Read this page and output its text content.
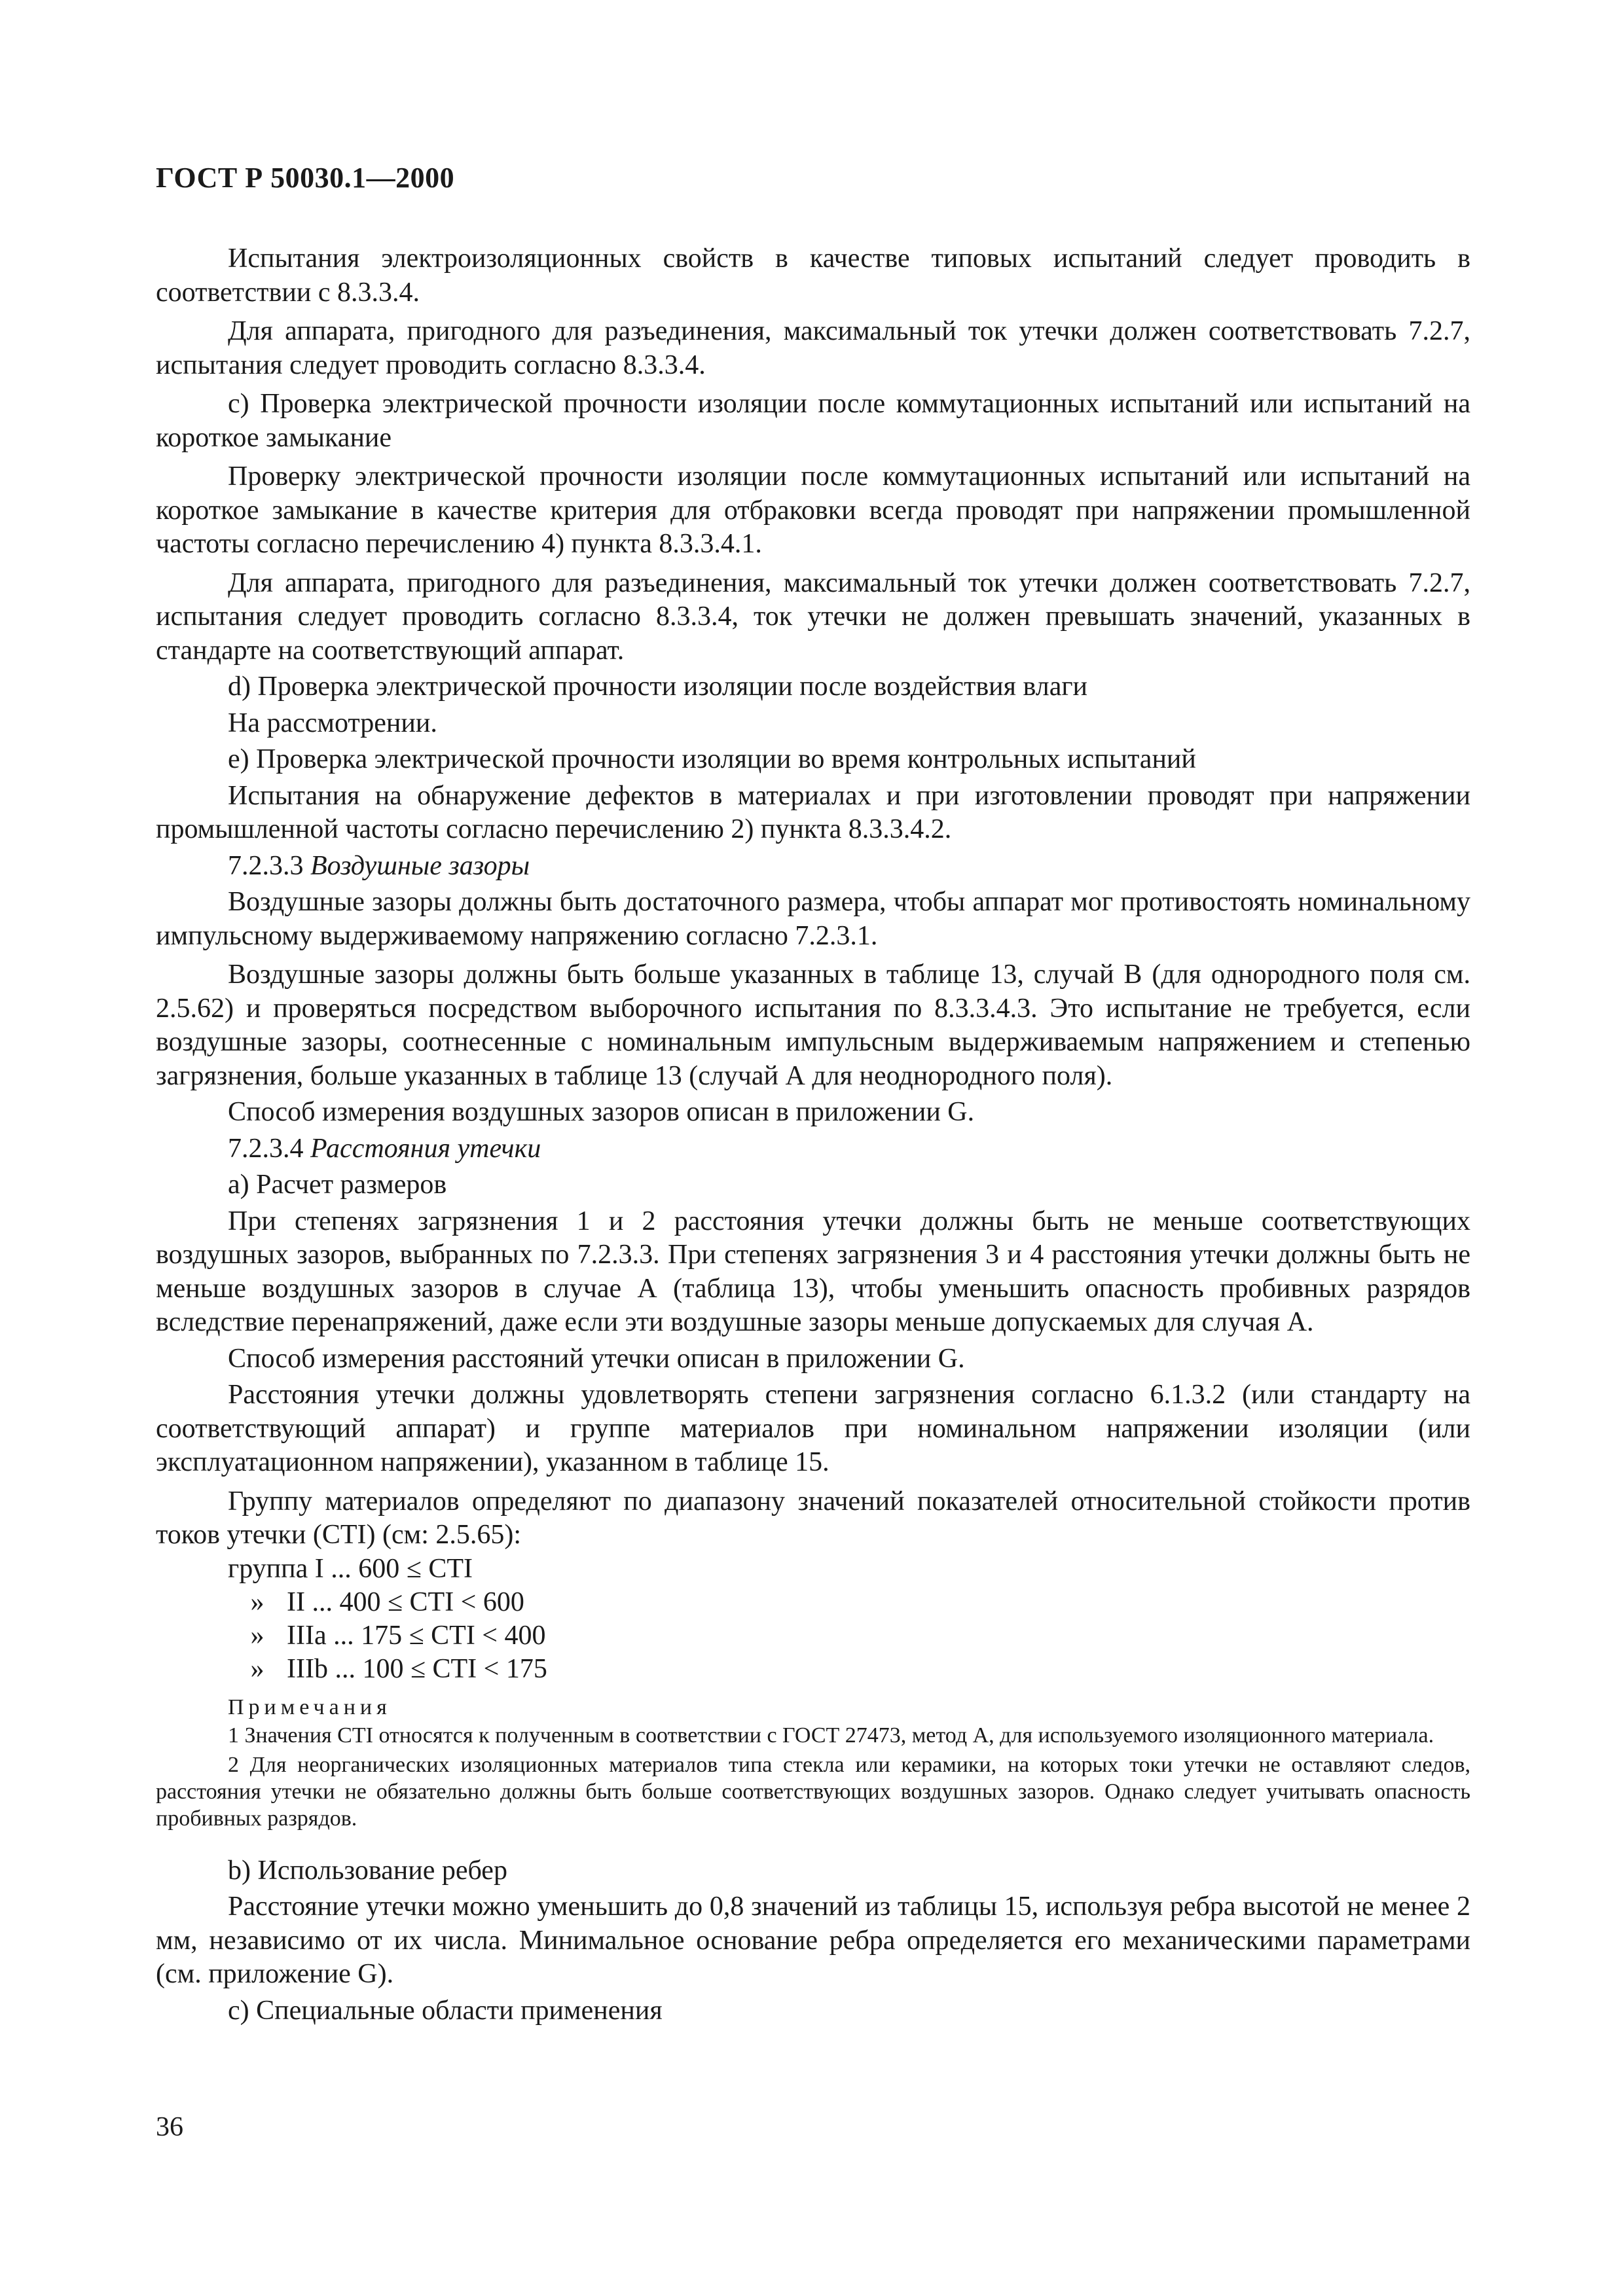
ГОСТ Р 50030.1—2000

Испытания электроизоляционных свойств в качестве типовых испытаний следует проводить в соответствии с 8.3.3.4.

Для аппарата, пригодного для разъединения, максимальный ток утечки должен соответствовать 7.2.7, испытания следует проводить согласно 8.3.3.4.

с) Проверка электрической прочности изоляции после коммутационных испытаний или испытаний на короткое замыкание

Проверку электрической прочности изоляции после коммутационных испытаний или испытаний на короткое замыкание в качестве критерия для отбраковки всегда проводят при напряжении промышленной частоты согласно перечислению 4) пункта 8.3.3.4.1.

Для аппарата, пригодного для разъединения, максимальный ток утечки должен соответствовать 7.2.7, испытания следует проводить согласно 8.3.3.4, ток утечки не должен превышать значений, указанных в стандарте на соответствующий аппарат.

d) Проверка электрической прочности изоляции после воздействия влаги

На рассмотрении.

е) Проверка электрической прочности изоляции во время контрольных испытаний

Испытания на обнаружение дефектов в материалах и при изготовлении проводят при напряжении промышленной частоты согласно перечислению 2) пункта 8.3.3.4.2.

7.2.3.3 Воздушные зазоры

Воздушные зазоры должны быть достаточного размера, чтобы аппарат мог противостоять номинальному импульсному выдерживаемому напряжению согласно 7.2.3.1.

Воздушные зазоры должны быть больше указанных в таблице 13, случай В (для однородного поля см. 2.5.62) и проверяться посредством выборочного испытания по 8.3.3.4.3. Это испытание не требуется, если воздушные зазоры, соотнесенные с номинальным импульсным выдерживаемым напряжением и степенью загрязнения, больше указанных в таблице 13 (случай А для неоднородного поля).

Способ измерения воздушных зазоров описан в приложении G.

7.2.3.4 Расстояния утечки

а) Расчет размеров

При степенях загрязнения 1 и 2 расстояния утечки должны быть не меньше соответствующих воздушных зазоров, выбранных по 7.2.3.3. При степенях загрязнения 3 и 4 расстояния утечки должны быть не меньше воздушных зазоров в случае А (таблица 13), чтобы уменьшить опасность пробивных разрядов вследствие перенапряжений, даже если эти воздушные зазоры меньше допускаемых для случая А.

Способ измерения расстояний утечки описан в приложении G.

Расстояния утечки должны удовлетворять степени загрязнения согласно 6.1.3.2 (или стандарту на соответствующий аппарат) и группе материалов при номинальном напряжении изоляции (или эксплуатационном напряжении), указанном в таблице 15.

Группу материалов определяют по диапазону значений показателей относительной стойкости против токов утечки (CTI) (см: 2.5.65):

группа
I ... 600 ≤ CTI
» II ... 400 ≤ CTI < 600
» IIIa ... 175 ≤ CTI < 400
» IIIb ... 100 ≤ CTI < 175
Примечания

1 Значения CTI относятся к полученным в соответствии с ГОСТ 27473, метод А, для используемого изоляционного материала.

2 Для неорганических изоляционных материалов типа стекла или керамики, на которых токи утечки не оставляют следов, расстояния утечки не обязательно должны быть больше соответствующих воздушных зазоров. Однако следует учитывать опасность пробивных разрядов.

b) Использование ребер

Расстояние утечки можно уменьшить до 0,8 значений из таблицы 15, используя ребра высотой не менее 2 мм, независимо от их числа. Минимальное основание ребра определяется его механическими параметрами (см. приложение G).

с) Специальные области применения

36
